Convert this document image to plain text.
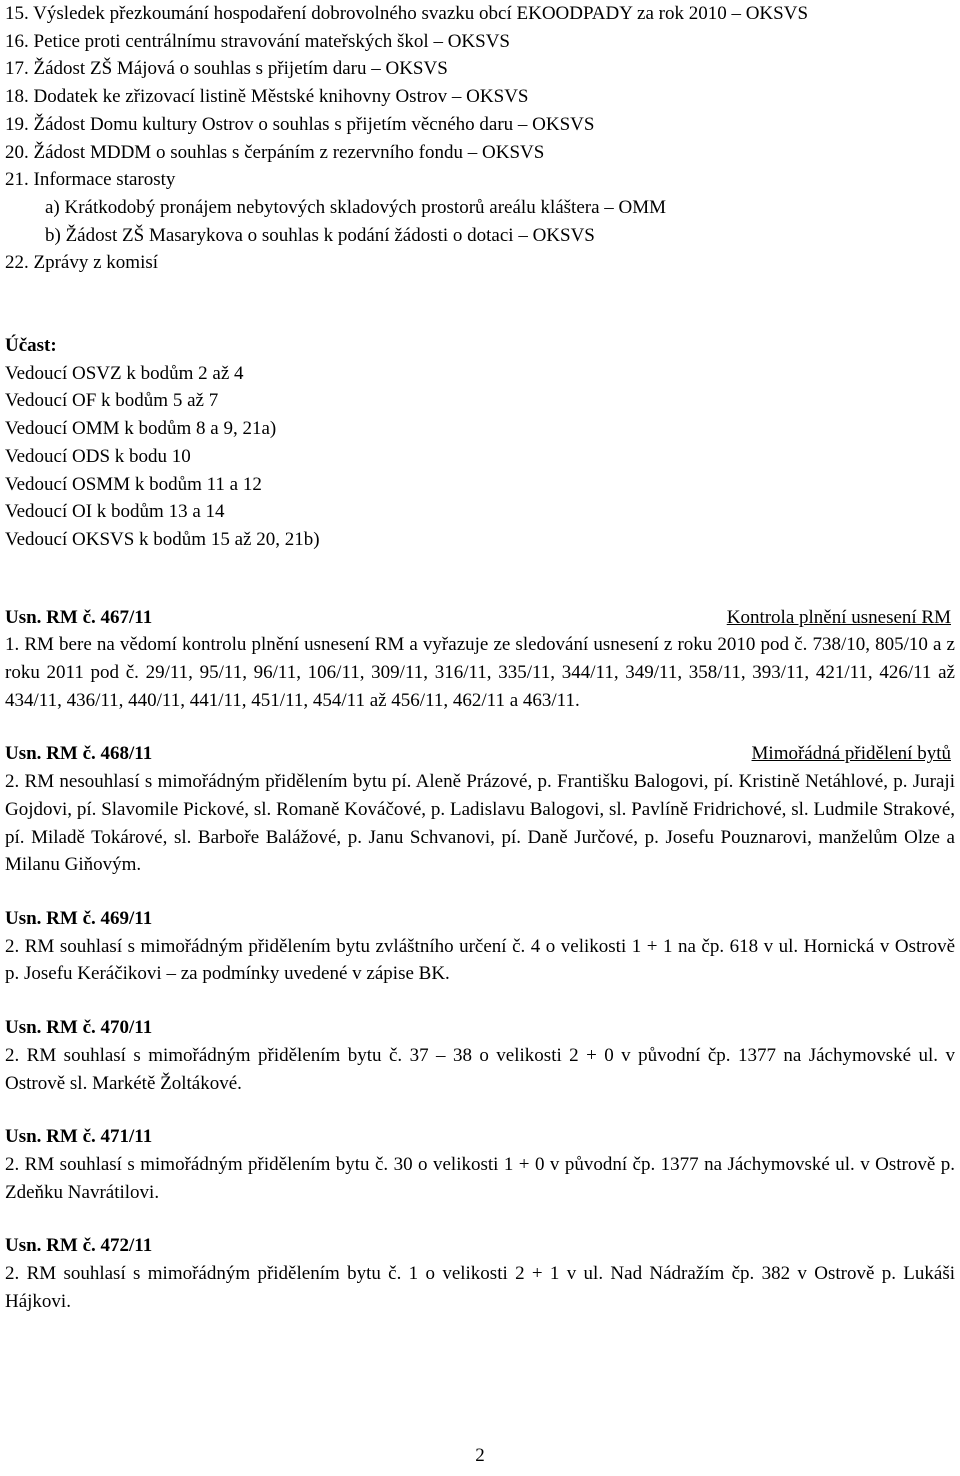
15. Výsledek přezkoumání hospodaření dobrovolného svazku obcí EKOODPADY za rok 2010 – OKSVS
16. Petice proti centrálnímu stravování mateřských škol – OKSVS
17. Žádost ZŠ Májová o souhlas s přijetím daru – OKSVS
18. Dodatek ke zřizovací listině Městské knihovny Ostrov – OKSVS
19. Žádost Domu kultury Ostrov o souhlas s přijetím věcného daru – OKSVS
20. Žádost MDDM o souhlas s čerpáním z rezervního fondu – OKSVS
21. Informace starosty
a) Krátkodobý pronájem nebytových skladových prostorů areálu kláštera – OMM
b) Žádost ZŠ Masarykova o souhlas k podání žádosti o dotaci – OKSVS
22. Zprávy z komisí
Účast:
Vedoucí OSVZ k bodům 2 až 4
Vedoucí OF k bodům 5 až 7
Vedoucí OMM k bodům 8 a 9, 21a)
Vedoucí ODS k bodu 10
Vedoucí OSMM k bodům 11 a 12
Vedoucí OI k bodům 13 a 14
Vedoucí OKSVS k bodům 15 až 20, 21b)
Usn. RM č. 467/11	Kontrola plnění usnesení RM
1. RM bere na vědomí kontrolu plnění usnesení RM a vyřazuje ze sledování usnesení z roku 2010 pod č. 738/10, 805/10 a z roku 2011 pod č. 29/11, 95/11, 96/11, 106/11, 309/11, 316/11, 335/11, 344/11, 349/11, 358/11, 393/11, 421/11, 426/11 až 434/11, 436/11, 440/11, 441/11, 451/11, 454/11 až 456/11, 462/11 a 463/11.
Usn. RM č. 468/11	Mimořádná přidělení bytů
2. RM nesouhlasí s mimořádným přidělením bytu pí. Aleně Prázové, p. Františku Balogovi, pí. Kristině Netáhlové, p. Juraji Gojdovi, pí. Slavomile Pickové, sl. Romaně Kováčové, p. Ladislavu Balogovi, sl. Pavlíně Fridrichové, sl. Ludmile Strakové, pí. Miladě Tokárové, sl. Barboře Balážové, p. Janu Schvanovi, pí. Daně Jurčové, p. Josefu Pouznarovi, manželům Olze a Milanu Giňovým.
Usn. RM č. 469/11
2. RM souhlasí s mimořádným přidělením bytu zvláštního určení č. 4 o velikosti 1 + 1 na čp. 618 v ul. Hornická v Ostrově p. Josefu Keráčikovi – za podmínky uvedené v zápise BK.
Usn. RM č. 470/11
2. RM souhlasí s mimořádným přidělením bytu č. 37 – 38 o velikosti 2 + 0 v původní čp. 1377 na Jáchymovské ul. v Ostrově sl. Markétě Žoltákové.
Usn. RM č. 471/11
2. RM souhlasí s mimořádným přidělením bytu č. 30 o velikosti 1 + 0 v původní čp. 1377 na Jáchymovské ul. v Ostrově p. Zdeňku Navrátilovi.
Usn. RM č. 472/11
2. RM souhlasí s mimořádným přidělením bytu č. 1 o velikosti 2 + 1 v ul. Nad Nádražím čp. 382 v Ostrově p. Lukáši Hájkovi.
2
